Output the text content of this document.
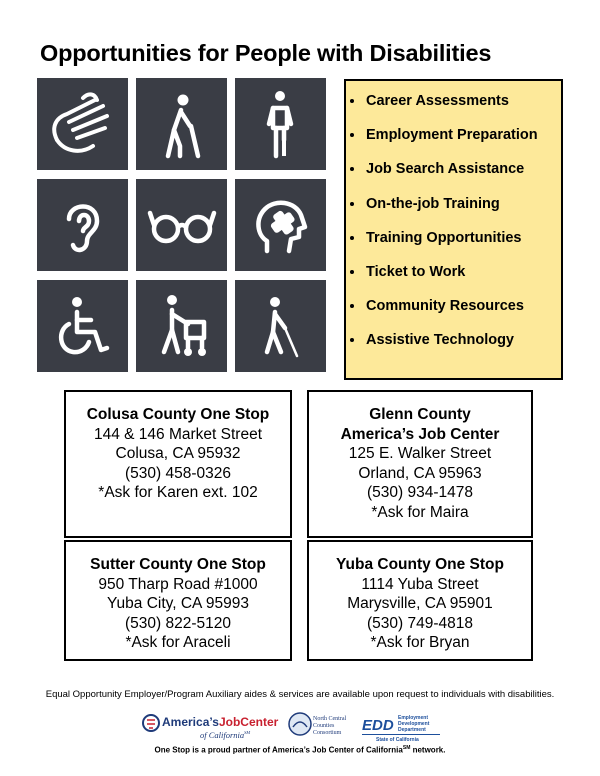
Opportunities for People with Disabilities
Career Assessments
Employment Preparation
Job Search Assistance
On-the-job Training
Training Opportunities
Ticket to Work
Community Resources
Assistive Technology
Colusa County One Stop
144 & 146 Market Street
Colusa, CA 95932
(530) 458-0326
*Ask for Karen ext. 102
Glenn County
America’s Job Center
125 E. Walker Street
Orland, CA 95963
(530) 934-1478
*Ask for Maira
Sutter County One Stop
950 Tharp Road #1000
Yuba City, CA 95993
(530) 822-5120
*Ask for Araceli
Yuba County One Stop
1114 Yuba Street
Marysville, CA 95901
(530) 749-4818
*Ask for Bryan
Equal Opportunity Employer/Program Auxiliary aides & services are available upon request to individuals with disabilities.
America’sJobCenter
of California℠
North Central
Counties
Consortium EDD Employment
Development
Department
State of California
One Stop is a proud partner of America’s Job Center of California℠ network.
